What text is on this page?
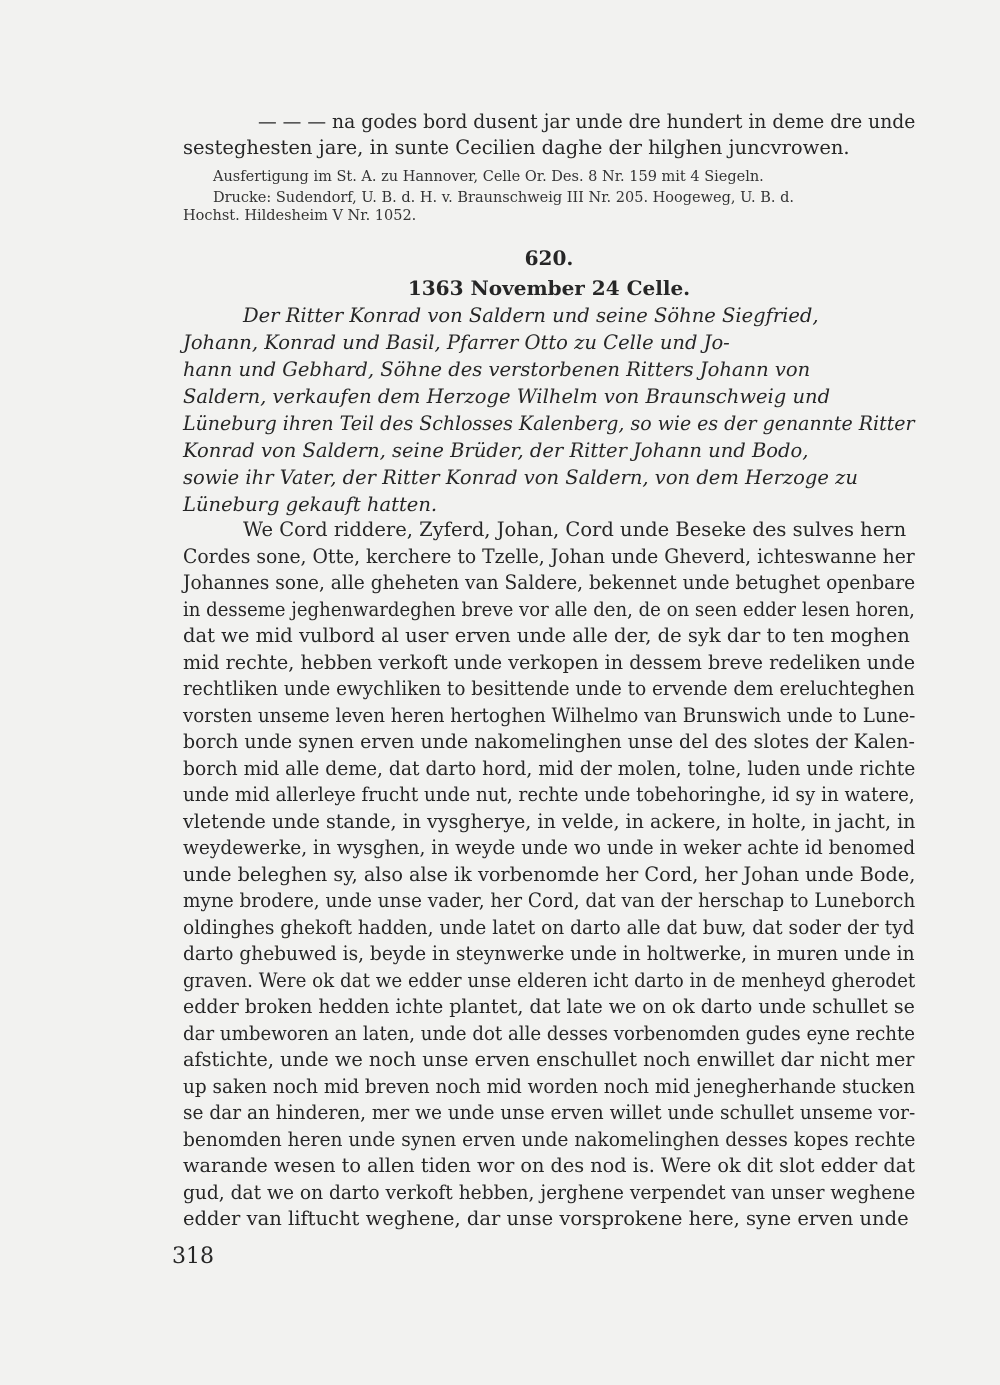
— — — na godes bord dusent jar unde dre hundert in deme dre unde
sesteghesten jare, in sunte Cecilien daghe der hilghen juncvrowen.
Ausfertigung im St. A. zu Hannover, Celle Or. Des. 8 Nr. 159 mit 4 Siegeln.
Drucke: Sudendorf, U. B. d. H. v. Braunschweig III Nr. 205. Hoogeweg, U. B. d.
Hochst. Hildesheim V Nr. 1052.
620.
1363 November 24 Celle.
Der Ritter Konrad von Saldern und seine Söhne Siegfried,
Johann, Konrad und Basil, Pfarrer Otto zu Celle und Jo-
hann und Gebhard, Söhne des verstorbenen Ritters Johann von
Saldern, verkaufen dem Herzoge Wilhelm von Braunschweig und
Lüneburg ihren Teil des Schlosses Kalenberg, so wie es der genannte Ritter
Konrad von Saldern, seine Brüder, der Ritter Johann und Bodo,
sowie ihr Vater, der Ritter Konrad von Saldern, von dem Herzoge zu
Lüneburg gekauft hatten.
We Cord riddere, Zyferd, Johan, Cord unde Beseke des sulves hern
Cordes sone, Otte, kerchere to Tzelle, Johan unde Gheverd, ichteswanne her
Johannes sone, alle gheheten van Saldere, bekennet unde betughet openbare
in desseme jeghenwardeghen breve vor alle den, de on seen edder lesen horen,
dat we mid vulbord al user erven unde alle der, de syk dar to ten moghen
mid rechte, hebben verkoft unde verkopen in dessem breve redeliken unde
rechtliken unde ewychliken to besittende unde to ervende dem ereluchteghen
vorsten unseme leven heren hertoghen Wilhelmo van Brunswich unde to Lune-
borch unde synen erven unde nakomelinghen unse del des slotes der Kalen-
borch mid alle deme, dat darto hord, mid der molen, tolne, luden unde richte
unde mid allerleye frucht unde nut, rechte unde tobehoringhe, id sy in watere,
vletende unde stande, in vysgherye, in velde, in ackere, in holte, in jacht, in
weydewerke, in wysghen, in weyde unde wo unde in weker achte id benomed
unde beleghen sy, also alse ik vorbenomde her Cord, her Johan unde Bode,
myne brodere, unde unse vader, her Cord, dat van der herschap to Luneborch
oldinghes ghekoft hadden, unde latet on darto alle dat buw, dat soder der tyd
darto ghebuwed is, beyde in steynwerke unde in holtwerke, in muren unde in
graven. Were ok dat we edder unse elderen icht darto in de menheyd gherodet
edder broken hedden ichte plantet, dat late we on ok darto unde schullet se
dar umbeworen an laten, unde dot alle desses vorbenomden gudes eyne rechte
afstichte, unde we noch unse erven enschullet noch enwillet dar nicht mer
up saken noch mid breven noch mid worden noch mid jenegherhande stucken
se dar an hinderen, mer we unde unse erven willet unde schullet unseme vor-
benomden heren unde synen erven unde nakomelinghen desses kopes rechte
warande wesen to allen tiden wor on des nod is. Were ok dit slot edder dat
gud, dat we on darto verkoft hebben, jerghene verpendet van unser weghene
edder van liftucht weghene, dar unse vorsprokene here, syne erven unde
318
